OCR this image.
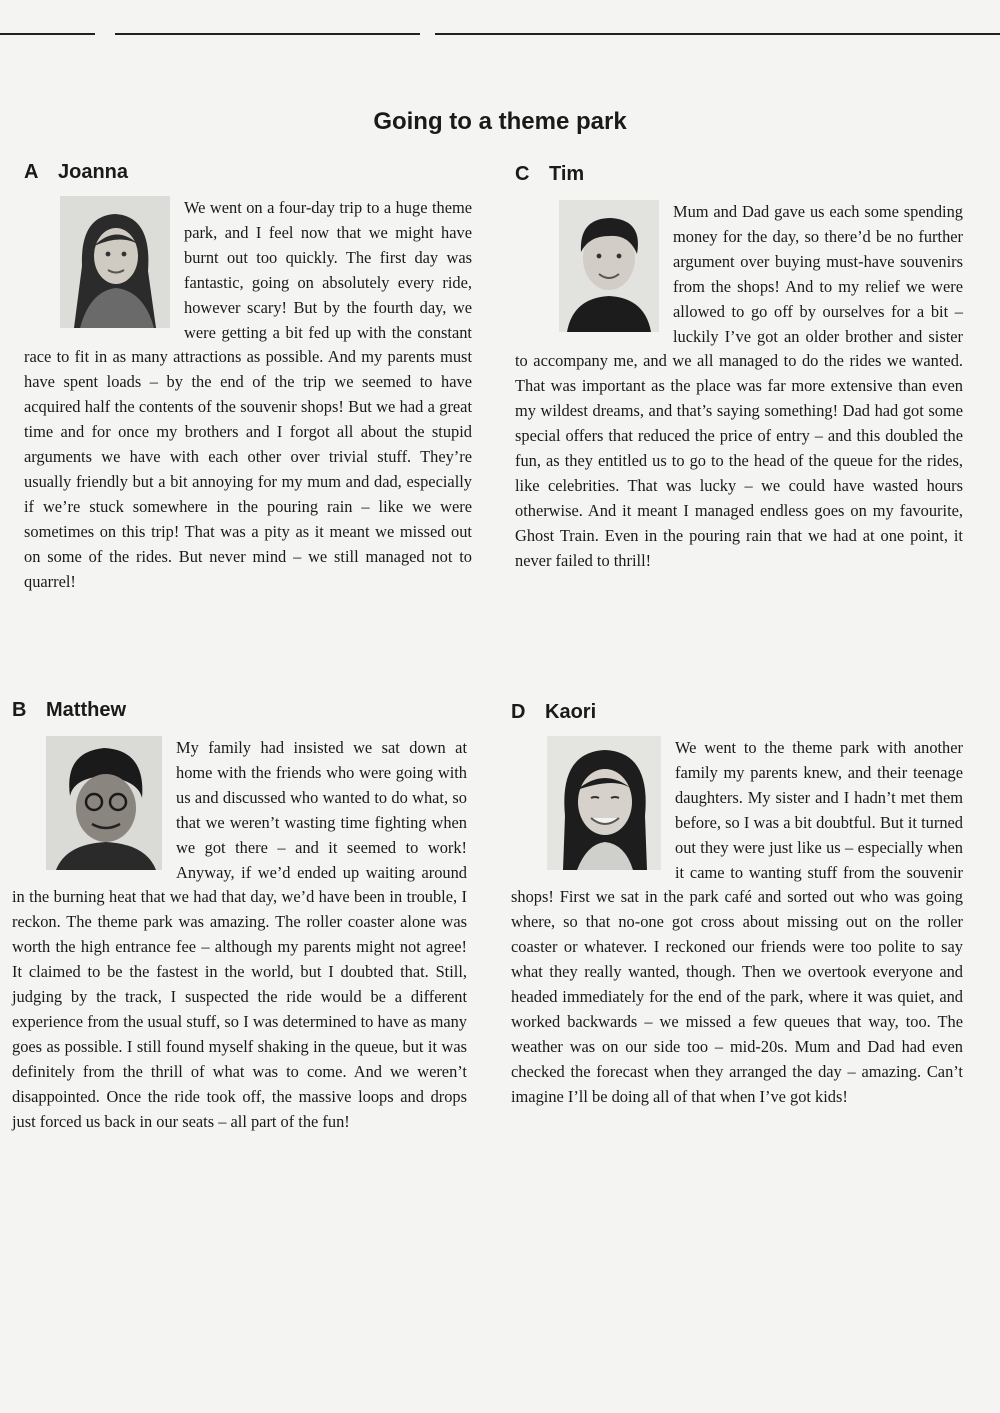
Going to a theme park
A Joanna
We went on a four-day trip to a huge theme park, and I feel now that we might have burnt out too quickly. The first day was fantastic, going on absolutely every ride, however scary! But by the fourth day, we were getting a bit fed up with the constant race to fit in as many attractions as possible. And my parents must have spent loads – by the end of the trip we seemed to have acquired half the contents of the souvenir shops! But we had a great time and for once my brothers and I forgot all about the stupid arguments we have with each other over trivial stuff. They’re usually friendly but a bit annoying for my mum and dad, especially if we’re stuck somewhere in the pouring rain – like we were sometimes on this trip! That was a pity as it meant we missed out on some of the rides. But never mind – we still managed not to quarrel!
C Tim
Mum and Dad gave us each some spending money for the day, so there’d be no further argument over buying must-have souvenirs from the shops! And to my relief we were allowed to go off by ourselves for a bit – luckily I’ve got an older brother and sister to accompany me, and we all managed to do the rides we wanted. That was important as the place was far more extensive than even my wildest dreams, and that’s saying something! Dad had got some special offers that reduced the price of entry – and this doubled the fun, as they entitled us to go to the head of the queue for the rides, like celebrities. That was lucky – we could have wasted hours otherwise. And it meant I managed endless goes on my favourite, Ghost Train. Even in the pouring rain that we had at one point, it never failed to thrill!
B Matthew
My family had insisted we sat down at home with the friends who were going with us and discussed who wanted to do what, so that we weren’t wasting time fighting when we got there – and it seemed to work! Anyway, if we’d ended up waiting around in the burning heat that we had that day, we’d have been in trouble, I reckon. The theme park was amazing. The roller coaster alone was worth the high entrance fee – although my parents might not agree! It claimed to be the fastest in the world, but I doubted that. Still, judging by the track, I suspected the ride would be a different experience from the usual stuff, so I was determined to have as many goes as possible. I still found myself shaking in the queue, but it was definitely from the thrill of what was to come. And we weren’t disappointed. Once the ride took off, the massive loops and drops just forced us back in our seats – all part of the fun!
D Kaori
We went to the theme park with another family my parents knew, and their teenage daughters. My sister and I hadn’t met them before, so I was a bit doubtful. But it turned out they were just like us – especially when it came to wanting stuff from the souvenir shops! First we sat in the park café and sorted out who was going where, so that no-one got cross about missing out on the roller coaster or whatever. I reckoned our friends were too polite to say what they really wanted, though. Then we overtook everyone and headed immediately for the end of the park, where it was quiet, and worked backwards – we missed a few queues that way, too. The weather was on our side too – mid-20s. Mum and Dad had even checked the forecast when they arranged the day – amazing. Can’t imagine I’ll be doing all of that when I’ve got kids!
